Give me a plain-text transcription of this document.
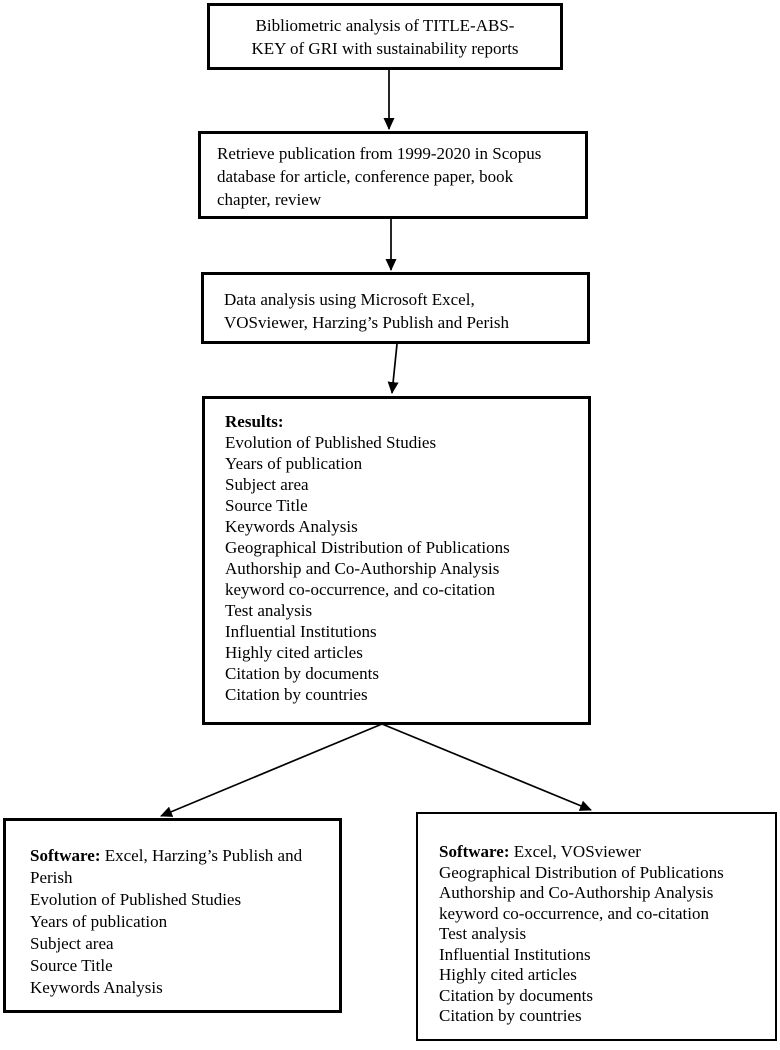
Bibliometric analysis of TITLE-ABS-
KEY of GRI with sustainability reports
Retrieve publication from 1999-2020 in Scopus
database for article, conference paper, book
chapter, review
Data analysis using Microsoft Excel,
VOSviewer, Harzing’s Publish and Perish
Results:
Evolution of Published Studies
Years of publication
Subject area
Source Title
Keywords Analysis
Geographical Distribution of Publications
Authorship and Co-Authorship Analysis
keyword co-occurrence, and co-citation
Test analysis
Influential Institutions
Highly cited articles
Citation by documents
Citation by countries
Software: Excel, Harzing’s Publish and Perish
Evolution of Published Studies
Years of publication
Subject area
Source Title
Keywords Analysis
Software: Excel, VOSviewer
Geographical Distribution of Publications
Authorship and Co-Authorship Analysis
keyword co-occurrence, and co-citation
Test analysis
Influential Institutions
Highly cited articles
Citation by documents
Citation by countries
